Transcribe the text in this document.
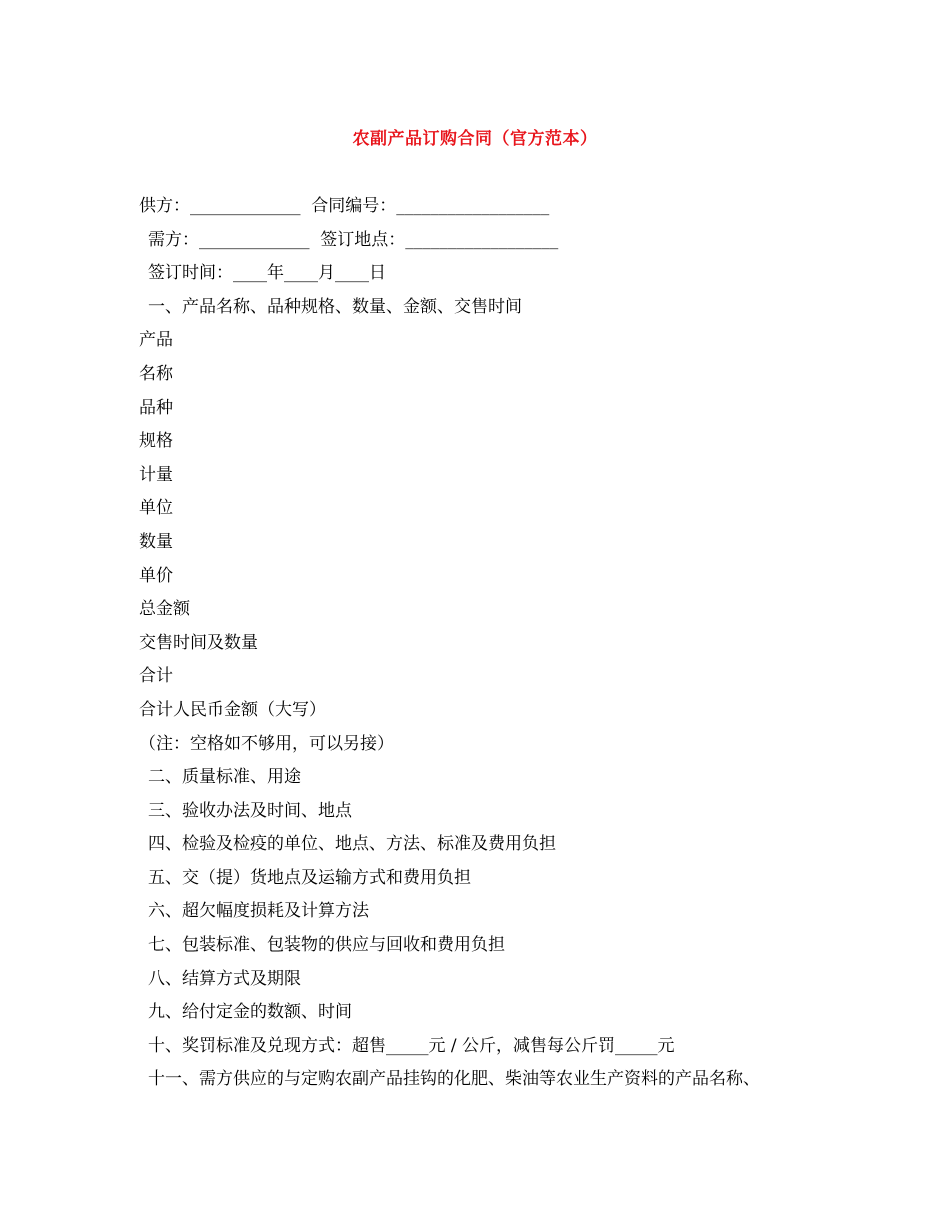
农副产品订购合同（官方范本）
供方：_____________  合同编号：__________________
需方：_____________  签订地点：__________________
签订时间：____年____月____日
一、产品名称、品种规格、数量、金额、交售时间
产品
名称
品种
规格
计量
单位
数量
单价
总金额
交售时间及数量
合计
合计人民币金额（大写）
（注：空格如不够用，可以另接）
二、质量标准、用途
三、验收办法及时间、地点
四、检验及检疫的单位、地点、方法、标准及费用负担
五、交（提）货地点及运输方式和费用负担
六、超欠幅度损耗及计算方法
七、包装标准、包装物的供应与回收和费用负担
八、结算方式及期限
九、给付定金的数额、时间
十、奖罚标准及兑现方式：超售_____元 / 公斤，减售每公斤罚_____元
十一、需方供应的与定购农副产品挂钩的化肥、柴油等农业生产资料的产品名称、
